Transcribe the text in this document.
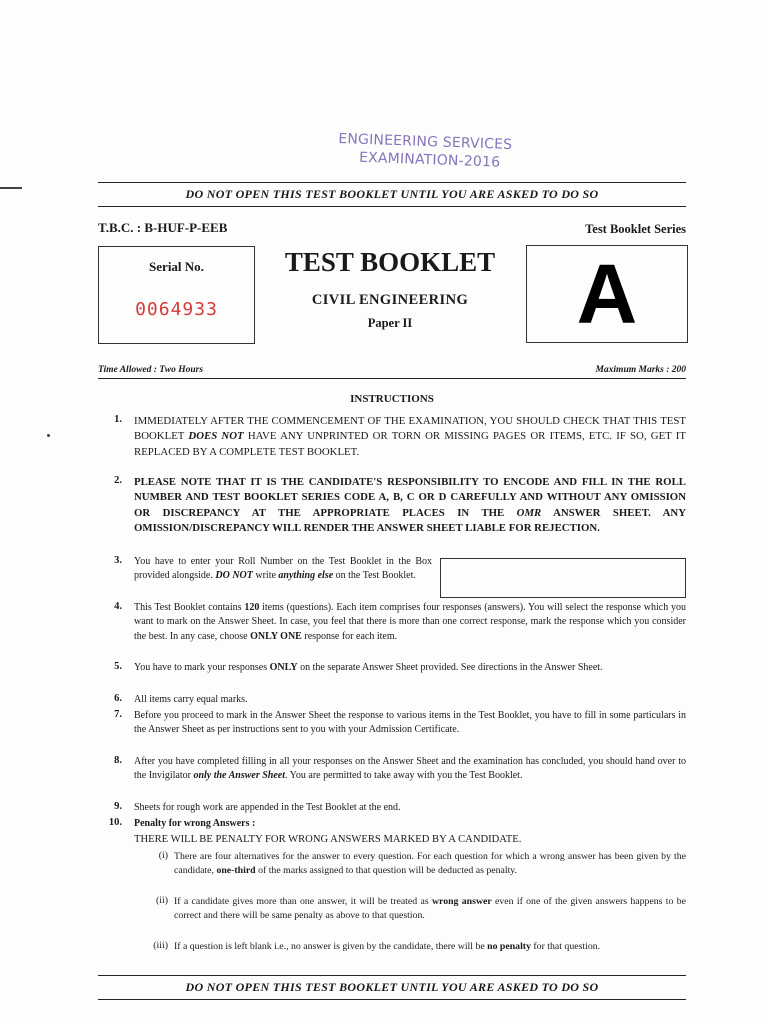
ENGINEERING SERVICES
EXAMINATION-2016
DO NOT OPEN THIS TEST BOOKLET UNTIL YOU ARE ASKED TO DO SO
T.B.C. : B-HUF-P-EEB	Test Booklet Series
Serial No.
0064933
TEST BOOKLET
CIVIL ENGINEERING
Paper II	A
Time Allowed : Two Hours	Maximum Marks : 200
INSTRUCTIONS
1. IMMEDIATELY AFTER THE COMMENCEMENT OF THE EXAMINATION, YOU SHOULD CHECK THAT THIS TEST BOOKLET DOES NOT HAVE ANY UNPRINTED OR TORN OR MISSING PAGES OR ITEMS, ETC. IF SO, GET IT REPLACED BY A COMPLETE TEST BOOKLET.
2. PLEASE NOTE THAT IT IS THE CANDIDATE'S RESPONSIBILITY TO ENCODE AND FILL IN THE ROLL NUMBER AND TEST BOOKLET SERIES CODE A, B, C OR D CAREFULLY AND WITHOUT ANY OMISSION OR DISCREPANCY AT THE APPROPRIATE PLACES IN THE OMR ANSWER SHEET. ANY OMISSION/DISCREPANCY WILL RENDER THE ANSWER SHEET LIABLE FOR REJECTION.
3. You have to enter your Roll Number on the Test Booklet in the Box provided alongside. DO NOT write anything else on the Test Booklet.
4. This Test Booklet contains 120 items (questions). Each item comprises four responses (answers). You will select the response which you want to mark on the Answer Sheet. In case, you feel that there is more than one correct response, mark the response which you consider the best. In any case, choose ONLY ONE response for each item.
5. You have to mark your responses ONLY on the separate Answer Sheet provided. See directions in the Answer Sheet.
6. All items carry equal marks.
7. Before you proceed to mark in the Answer Sheet the response to various items in the Test Booklet, you have to fill in some particulars in the Answer Sheet as per instructions sent to you with your Admission Certificate.
8. After you have completed filling in all your responses on the Answer Sheet and the examination has concluded, you should hand over to the Invigilator only the Answer Sheet. You are permitted to take away with you the Test Booklet.
9. Sheets for rough work are appended in the Test Booklet at the end.
10. Penalty for wrong Answers :
THERE WILL BE PENALTY FOR WRONG ANSWERS MARKED BY A CANDIDATE.
(i) There are four alternatives for the answer to every question. For each question for which a wrong answer has been given by the candidate, one-third of the marks assigned to that question will be deducted as penalty.
(ii) If a candidate gives more than one answer, it will be treated as wrong answer even if one of the given answers happens to be correct and there will be same penalty as above to that question.
(iii) If a question is left blank i.e., no answer is given by the candidate, there will be no penalty for that question.
DO NOT OPEN THIS TEST BOOKLET UNTIL YOU ARE ASKED TO DO SO
